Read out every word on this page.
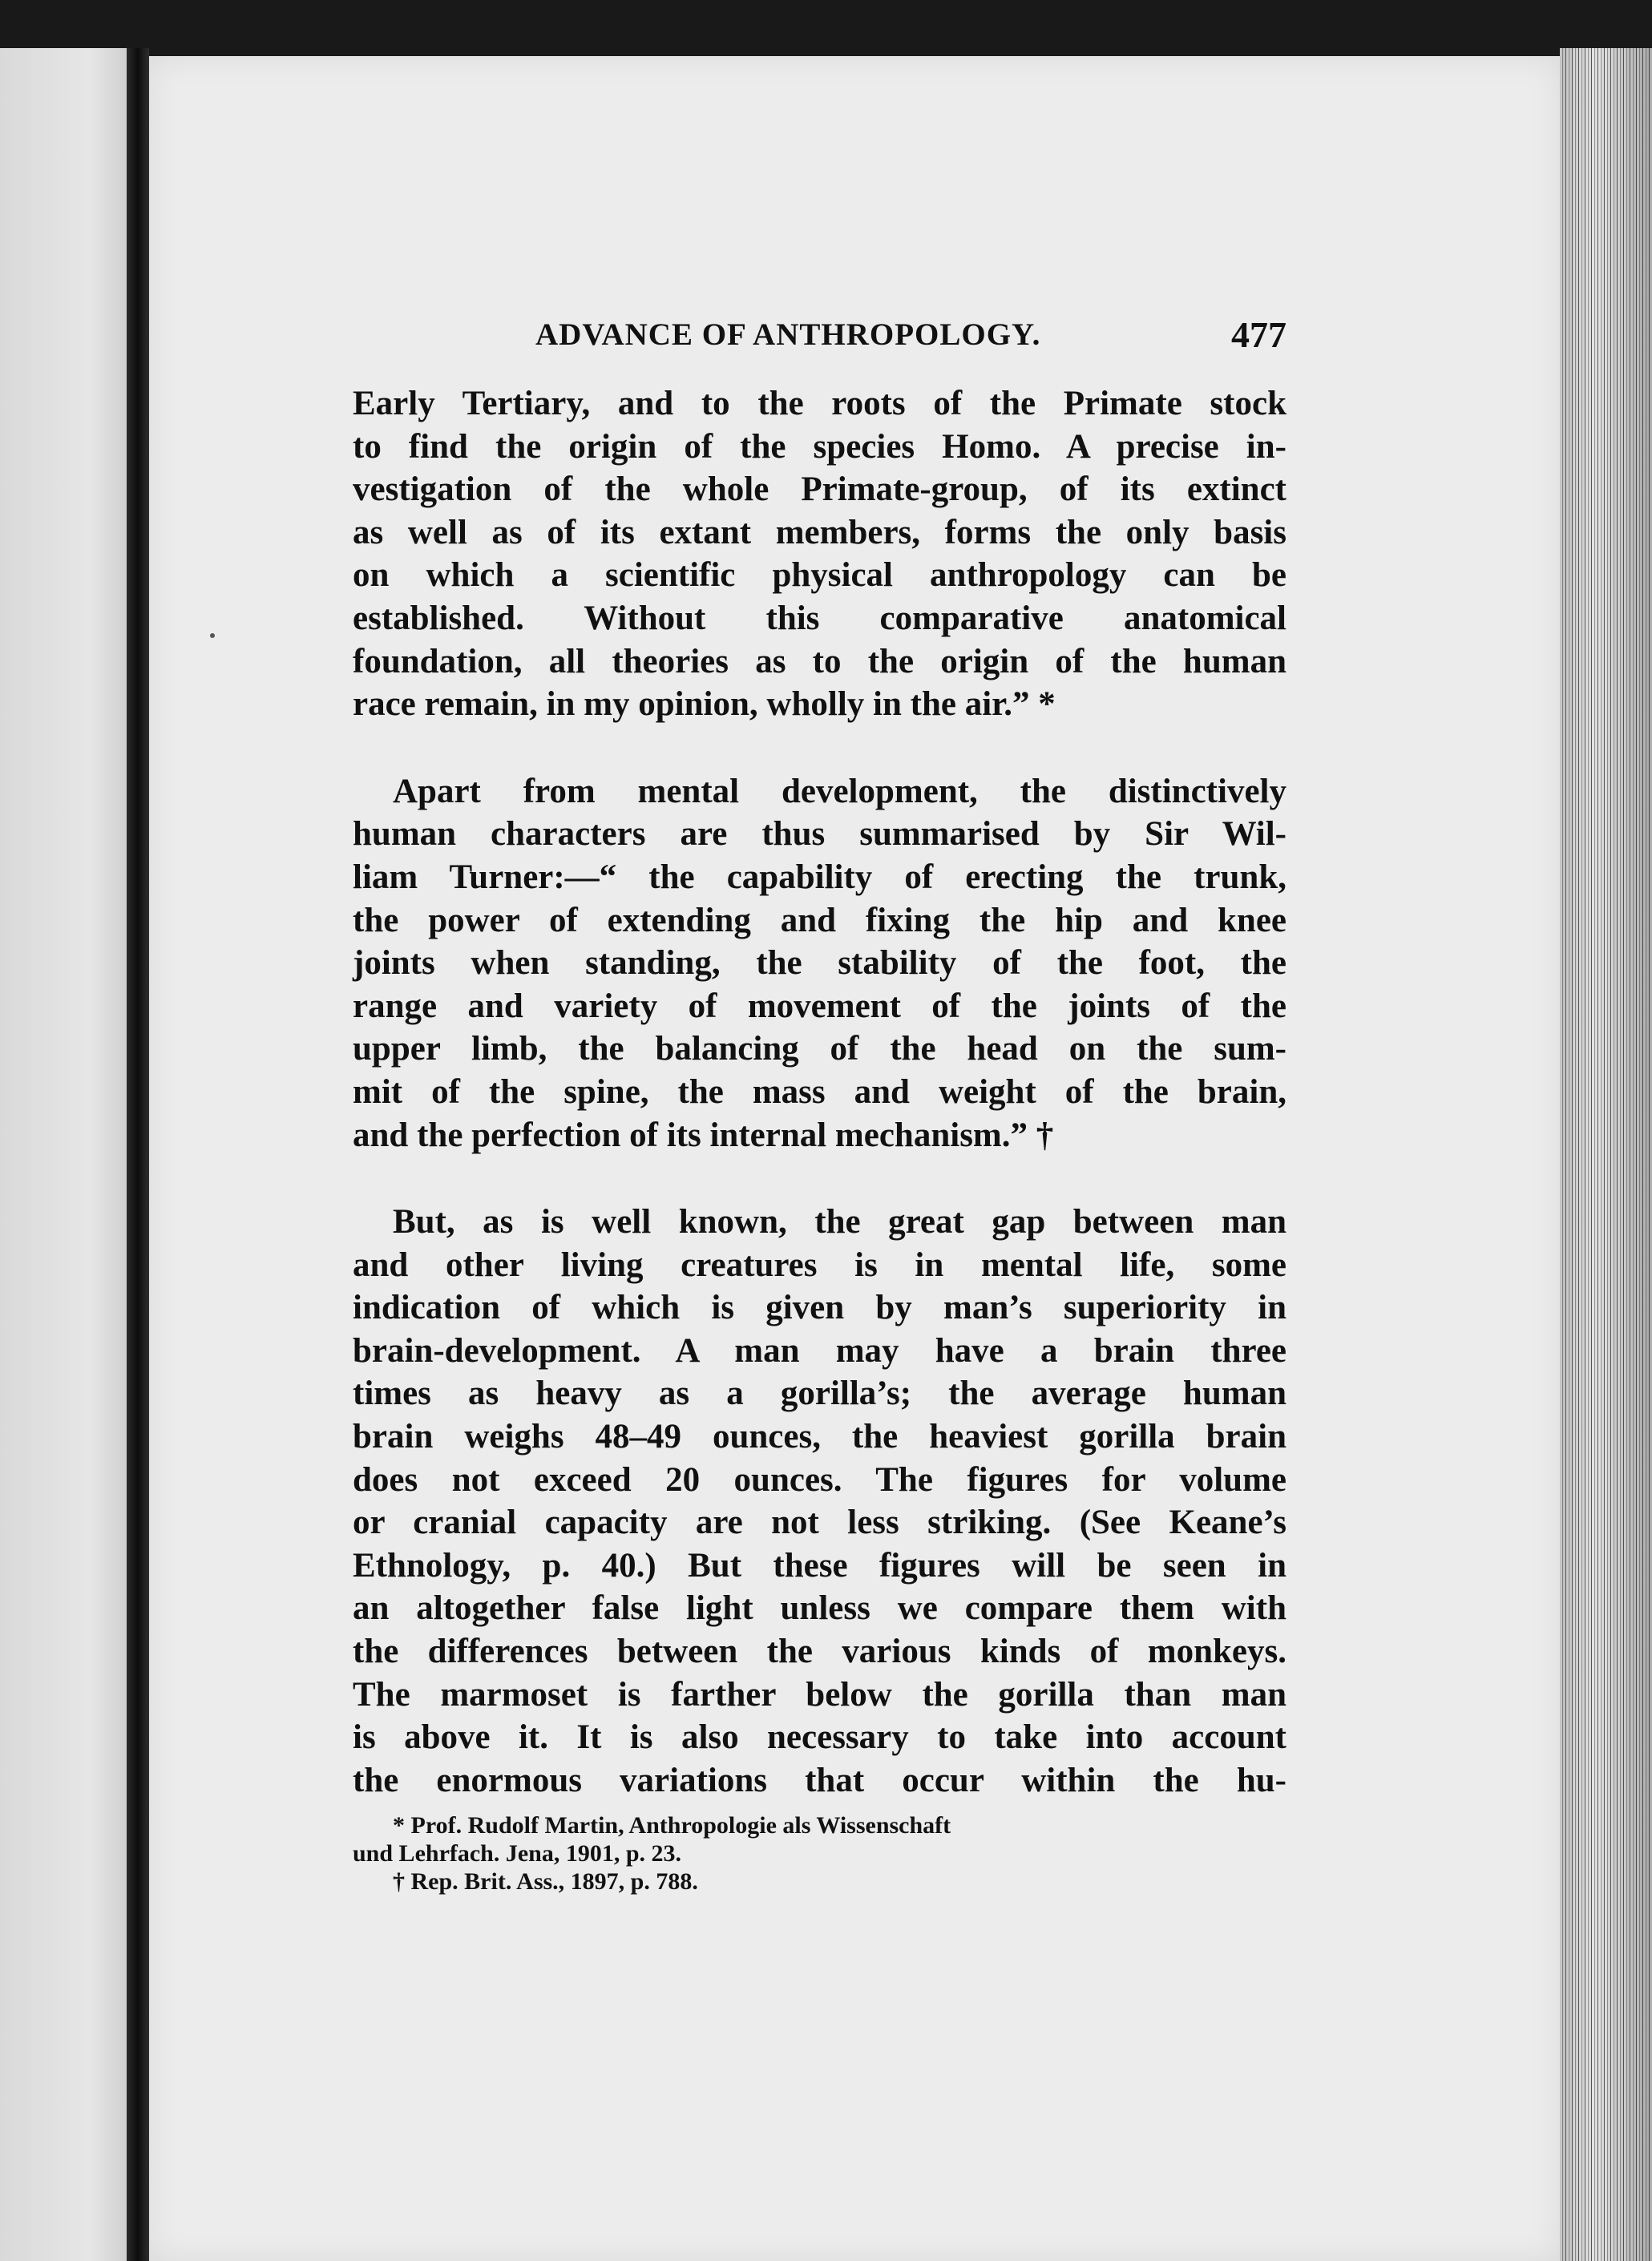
ADVANCE OF ANTHROPOLOGY.	477

Early Tertiary, and to the roots of the Primate stock
to find the origin of the species Homo. A precise in-
vestigation of the whole Primate-group, of its extinct
as well as of its extant members, forms the only basis
on which a scientific physical anthropology can be
established. Without this comparative anatomical
foundation, all theories as to the origin of the human
race remain, in my opinion, wholly in the air.” *

Apart from mental development, the distinctively
human characters are thus summarised by Sir Wil-
liam Turner:—“ the capability of erecting the trunk,
the power of extending and fixing the hip and knee
joints when standing, the stability of the foot, the
range and variety of movement of the joints of the
upper limb, the balancing of the head on the sum-
mit of the spine, the mass and weight of the brain,
and the perfection of its internal mechanism.” †

But, as is well known, the great gap between man
and other living creatures is in mental life, some
indication of which is given by man’s superiority in
brain-development. A man may have a brain three
times as heavy as a gorilla’s; the average human
brain weighs 48–49 ounces, the heaviest gorilla brain
does not exceed 20 ounces. The figures for volume
or cranial capacity are not less striking. (See Keane’s
Ethnology, p. 40.) But these figures will be seen in
an altogether false light unless we compare them with
the differences between the various kinds of monkeys.
The marmoset is farther below the gorilla than man
is above it. It is also necessary to take into account
the enormous variations that occur within the hu-

* Prof. Rudolf Martin, Anthropologie als Wissenschaft
und Lehrfach. Jena, 1901, p. 23.
† Rep. Brit. Ass., 1897, p. 788.
